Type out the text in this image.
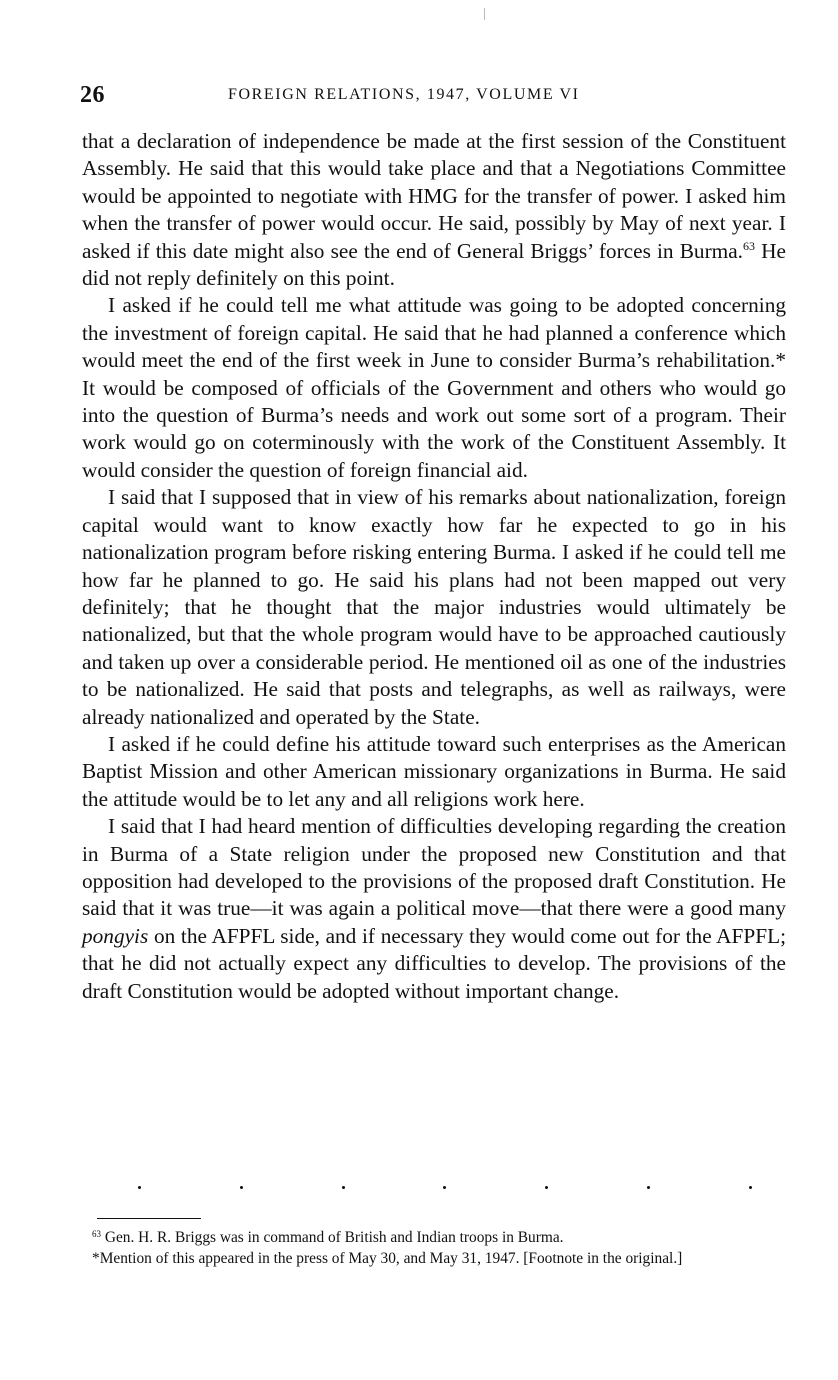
26	FOREIGN RELATIONS, 1947, VOLUME VI

that a declaration of independence be made at the first session of the Constituent Assembly. He said that this would take place and that a Negotiations Committee would be appointed to negotiate with HMG for the transfer of power. I asked him when the transfer of power would occur. He said, possibly by May of next year. I asked if this date might also see the end of General Briggs’ forces in Burma.$^{63}$ He did not reply definitely on this point.

I asked if he could tell me what attitude was going to be adopted concerning the investment of foreign capital. He said that he had planned a conference which would meet the end of the first week in June to consider Burma’s rehabilitation.* It would be composed of officials of the Government and others who would go into the question of Burma’s needs and work out some sort of a program. Their work would go on coterminously with the work of the Constituent Assembly. It would consider the question of foreign financial aid.

I said that I supposed that in view of his remarks about nationalization, foreign capital would want to know exactly how far he expected to go in his nationalization program before risking entering Burma. I asked if he could tell me how far he planned to go. He said his plans had not been mapped out very definitely; that he thought that the major industries would ultimately be nationalized, but that the whole program would have to be approached cautiously and taken up over a considerable period. He mentioned oil as one of the industries to be nationalized. He said that posts and telegraphs, as well as railways, were already nationalized and operated by the State.

I asked if he could define his attitude toward such enterprises as the American Baptist Mission and other American missionary organizations in Burma. He said the attitude would be to let any and all religions work here.

I said that I had heard mention of difficulties developing regarding the creation in Burma of a State religion under the proposed new Constitution and that opposition had developed to the provisions of the proposed draft Constitution. He said that it was true—it was again a political move—that there were a good many pongyis on the AFPFL side, and if necessary they would come out for the AFPFL; that he did not actually expect any difficulties to develop. The provisions of the draft Constitution would be adopted without important change.

$^{63}$ Gen. H. R. Briggs was in command of British and Indian troops in Burma.

*Mention of this appeared in the press of May 30, and May 31, 1947. [Footnote in the original.]
